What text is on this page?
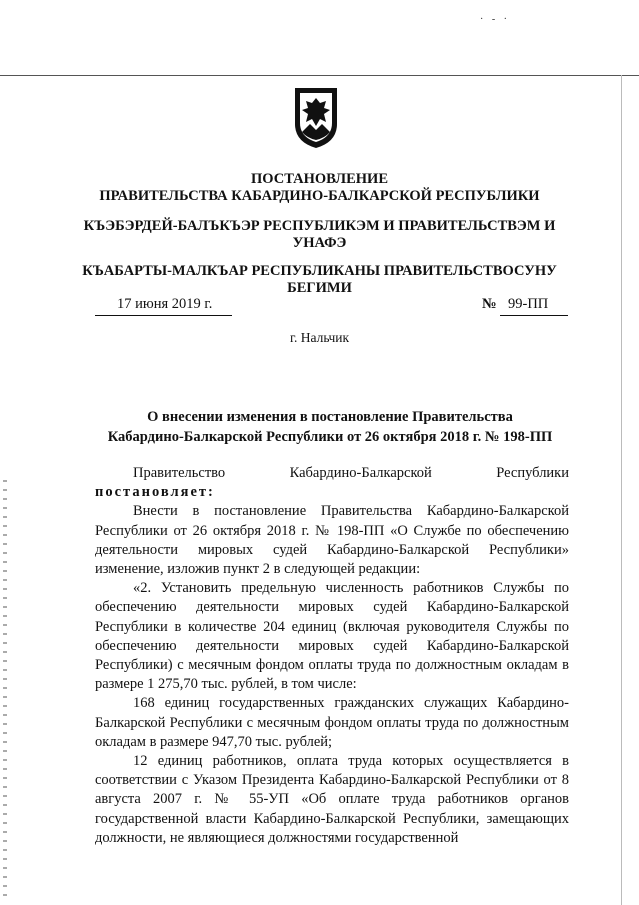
· ‑ ·
ПОСТАНОВЛЕНИЕ
ПРАВИТЕЛЬСТВА КАБАРДИНО-БАЛКАРСКОЙ РЕСПУБЛИКИ
КЪЭБЭРДЕЙ-БАЛЪКЪЭР РЕСПУБЛИКЭМ И ПРАВИТЕЛЬСТВЭМ И
УНАФЭ
КЪАБАРТЫ-МАЛКЪАР РЕСПУБЛИКАНЫ ПРАВИТЕЛЬСТВОСУНУ
БЕГИМИ
17 июня 2019 г.	№ 99-ПП
г. Нальчик
О внесении изменения в постановление Правительства
Кабардино-Балкарской Республики от 26 октября 2018 г. № 198-ПП
Правительство	Кабардино-Балкарской	Республики
постановляет:

Внести в постановление Правительства Кабардино-Балкарской Республики от 26 октября 2018 г. № 198-ПП «О Службе по обеспечению деятельности мировых судей Кабардино-Балкарской Республики» изменение, изложив пункт 2 в следующей редакции:

«2. Установить предельную численность работников Службы по обеспечению деятельности мировых судей Кабардино-Балкарской Республики в количестве 204 единиц (включая руководителя Службы по обеспечению деятельности мировых судей Кабардино-Балкарской Республики) с месячным фондом оплаты труда по должностным окладам в размере 1 275,70 тыс. рублей, в том числе:

168 единиц государственных гражданских служащих Кабардино-Балкарской Республики с месячным фондом оплаты труда по должностным окладам в размере 947,70 тыс. рублей;

12 единиц работников, оплата труда которых осуществляется в соответствии с Указом Президента Кабардино-Балкарской Республики от 8 августа 2007 г. № 55-УП «Об оплате труда работников органов государственной власти Кабардино-Балкарской Республики, замещающих должности, не являющиеся должностями государственной
